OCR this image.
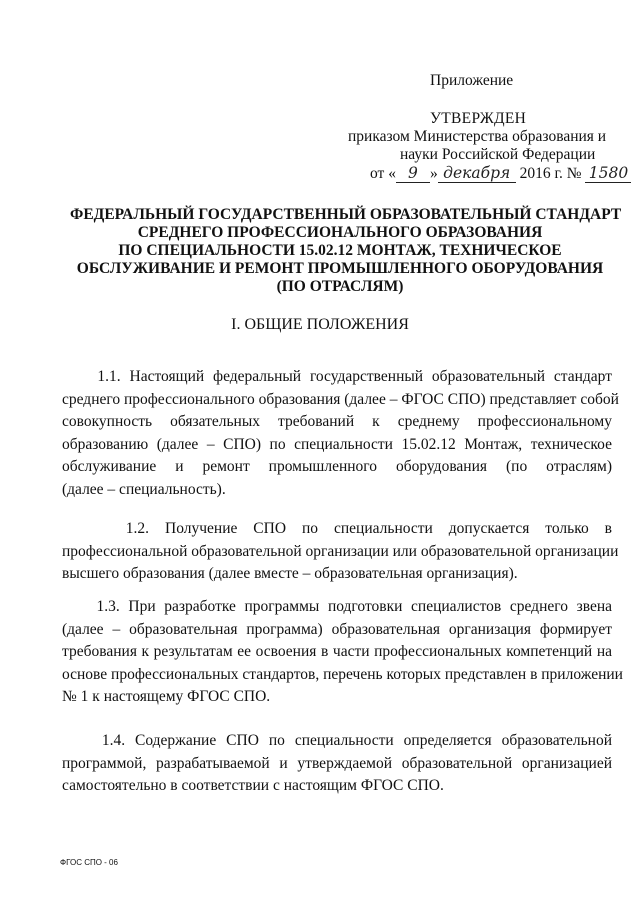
Приложение
УТВЕРЖДЕН
приказом Министерства образования и
науки Российской Федерации
от « 9 » декабря 2016 г. № 1580
ФЕДЕРАЛЬНЫЙ ГОСУДАРСТВЕННЫЙ ОБРАЗОВАТЕЛЬНЫЙ СТАНДАРТ
СРЕДНЕГО ПРОФЕССИОНАЛЬНОГО ОБРАЗОВАНИЯ
ПО СПЕЦИАЛЬНОСТИ 15.02.12 МОНТАЖ, ТЕХНИЧЕСКОЕ
ОБСЛУЖИВАНИЕ И РЕМОНТ ПРОМЫШЛЕННОГО ОБОРУДОВАНИЯ
(ПО ОТРАСЛЯМ)
I. ОБЩИЕ ПОЛОЖЕНИЯ
1.1. Настоящий федеральный государственный образовательный стандарт
среднего профессионального образования (далее – ФГОС СПО) представляет собой
совокупность обязательных требований к среднему профессиональному
образованию (далее – СПО) по специальности 15.02.12 Монтаж, техническое
обслуживание и ремонт промышленного оборудования (по отраслям)
(далее – специальность).
1.2. Получение СПО по специальности допускается только в
профессиональной образовательной организации или образовательной организации
высшего образования (далее вместе – образовательная организация).
1.3. При разработке программы подготовки специалистов среднего звена
(далее – образовательная программа) образовательная организация формирует
требования к результатам ее освоения в части профессиональных компетенций на
основе профессиональных стандартов, перечень которых представлен в приложении
№ 1 к настоящему ФГОС СПО.
1.4. Содержание СПО по специальности определяется образовательной
программой, разрабатываемой и утверждаемой образовательной организацией
самостоятельно в соответствии с настоящим ФГОС СПО.
ФГОС СПО - 06
